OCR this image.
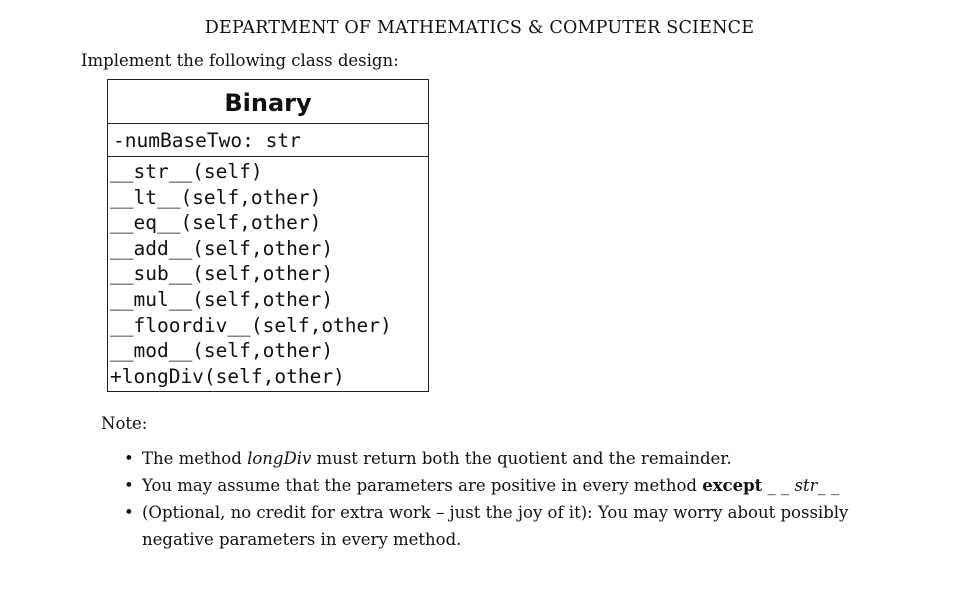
DEPARTMENT OF MATHEMATICS & COMPUTER SCIENCE
Implement the following class design:
Binary
-numBaseTwo: str
__str__(self)
__lt__(self,other)
__eq__(self,other)
__add__(self,other)
__sub__(self,other)
__mul__(self,other)
__floordiv__(self,other)
__mod__(self,other)
+longDiv(self,other)
Note:
• The method longDiv must return both the quotient and the remainder.
• You may assume that the parameters are positive in every method except _ _ str_ _
• (Optional, no credit for extra work – just the joy of it): You may worry about possibly
negative parameters in every method.
